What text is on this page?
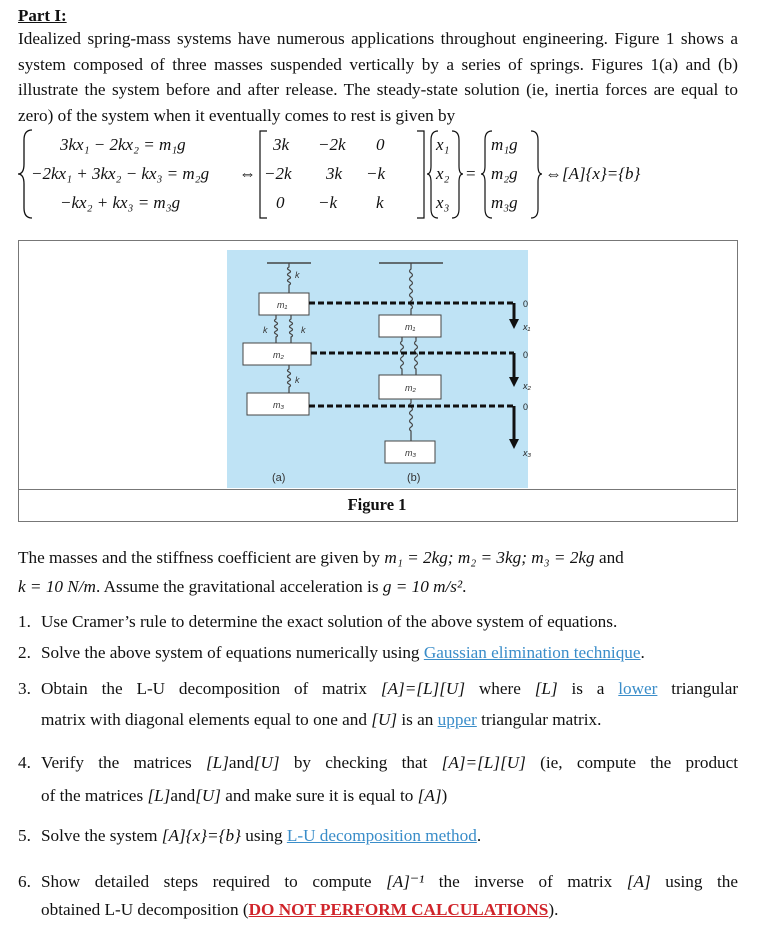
Part I:
Idealized spring-mass systems have numerous applications throughout engineering. Figure 1 shows a system composed of three masses suspended vertically by a series of springs. Figures 1(a) and (b) illustrate the system before and after release. The steady-state solution (ie, inertia forces are equal to zero) of the system when it eventually comes to rest is given by
3kx₁ − 2kx₂ = m₁g
−2kx₁ + 3kx₂ − kx₃ = m₂g
−kx₂ + kx₃ = m₃g
⇔
3k −2k 0
−2k 3k −k
0 −k k
x₁
x₂
x₃
=
m₁g
m₂g
m₃g
⇔[A]{x}={b}
k
m₁
k	k
m₂
k
m₃
(a)
m₁
m₂
m₃
(b)
0
x₁
0
x₂
0
x₃
Figure 1
The masses and the stiffness coefficient are given by m₁ = 2kg; m₂ = 3kg; m₃ = 2kg and
k = 10 N/m. Assume the gravitational acceleration is g = 10 m/s².
1. Use Cramer’s rule to determine the exact solution of the above system of equations.
2. Solve the above system of equations numerically using Gaussian elimination technique.
3. Obtain the L-U decomposition of matrix [A]=[L][U] where [L] is a lower triangular
matrix with diagonal elements equal to one and [U] is an upper triangular matrix.
4. Verify the matrices [L]and[U] by checking that [A]=[L][U] (ie, compute the product
of the matrices [L]and[U] and make sure it is equal to [A])
5. Solve the system [A]{x}={b} using L-U decomposition method.
6. Show detailed steps required to compute [A]⁻¹ the inverse of matrix [A] using the
obtained L-U decomposition (DO NOT PERFORM CALCULATIONS).
